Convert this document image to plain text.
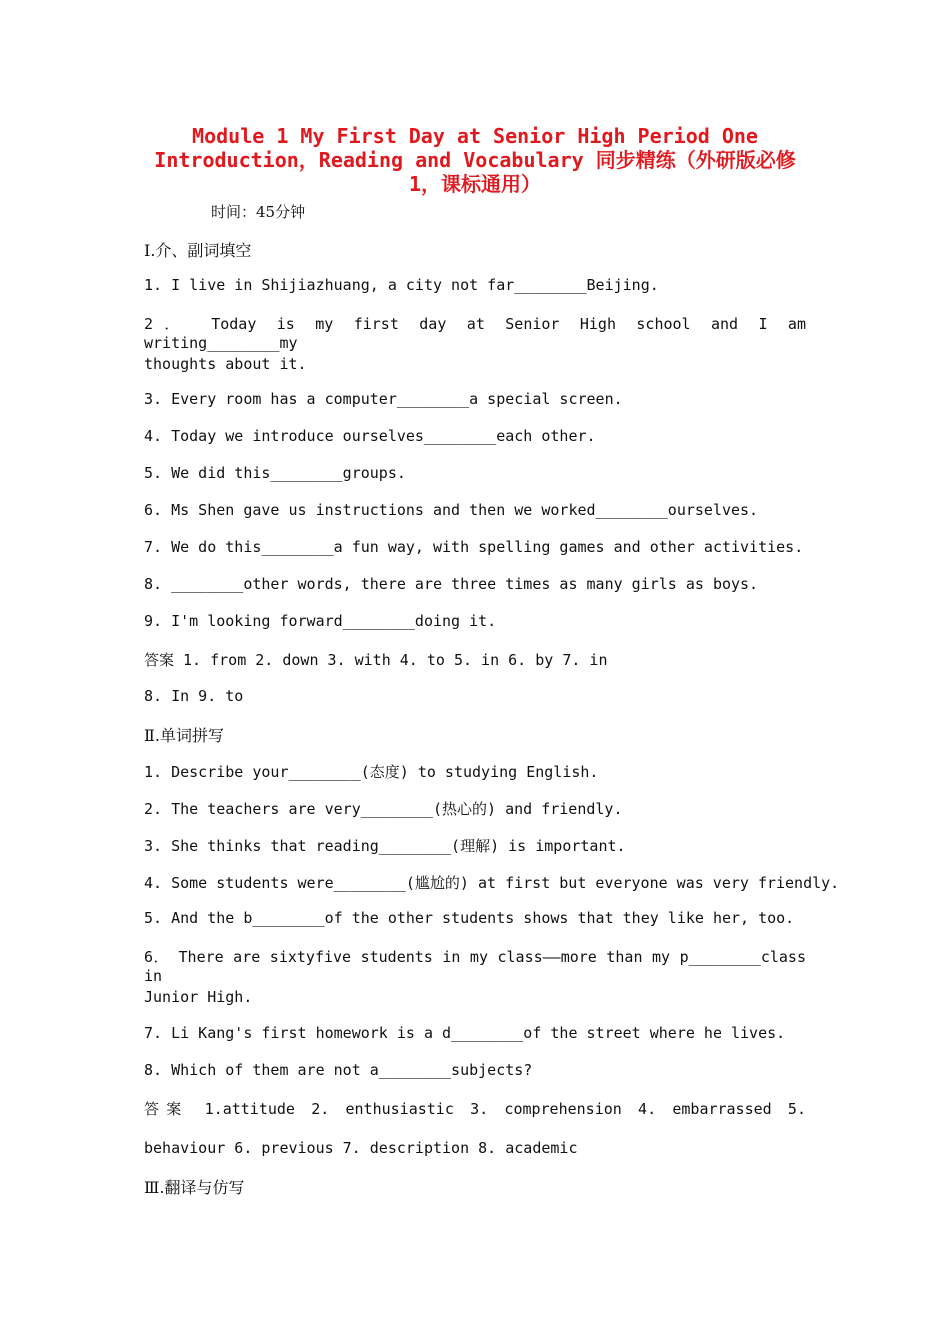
Module 1 My First Day at Senior High Period One
Introduction，Reading and Vocabulary 同步精练（外研版必修
1，课标通用）
时间：45分钟
Ⅰ.介、副词填空
1. I live in Shijiazhuang, a city not far________Beijing.
2． Today is my first day at Senior High school and I am writing________my
thoughts about it.
3. Every room has a computer________a special screen.
4. Today we introduce ourselves________each other.
5. We did this________groups.
6. Ms Shen gave us instructions and then we worked________ourselves.
7. We do this________a fun way, with spelling games and other activities.
8. ________other words, there are three times as many girls as boys.
9. I'm looking forward________doing it.
答案 1. from 2. down 3. with 4. to 5. in 6. by 7. in
8. In 9. to
Ⅱ.单词拼写
1. Describe your________(态度) to studying English.
2. The teachers are very________(热心的) and friendly.
3. She thinks that reading________(理解) is important.
4. Some students were________(尴尬的) at first but everyone was very friendly.
5. And the b________of the other students shows that they like her, too.
6． There are sixtyfive students in my class——more than my p________class in
Junior High.
7. Li Kang's first homework is a d________of the street where he lives.
8. Which of them are not a________subjects?
答案 1.attitude 2. enthusiastic 3. comprehension 4. embarrassed 5.
behaviour 6. previous 7. description 8. academic
Ⅲ.翻译与仿写
